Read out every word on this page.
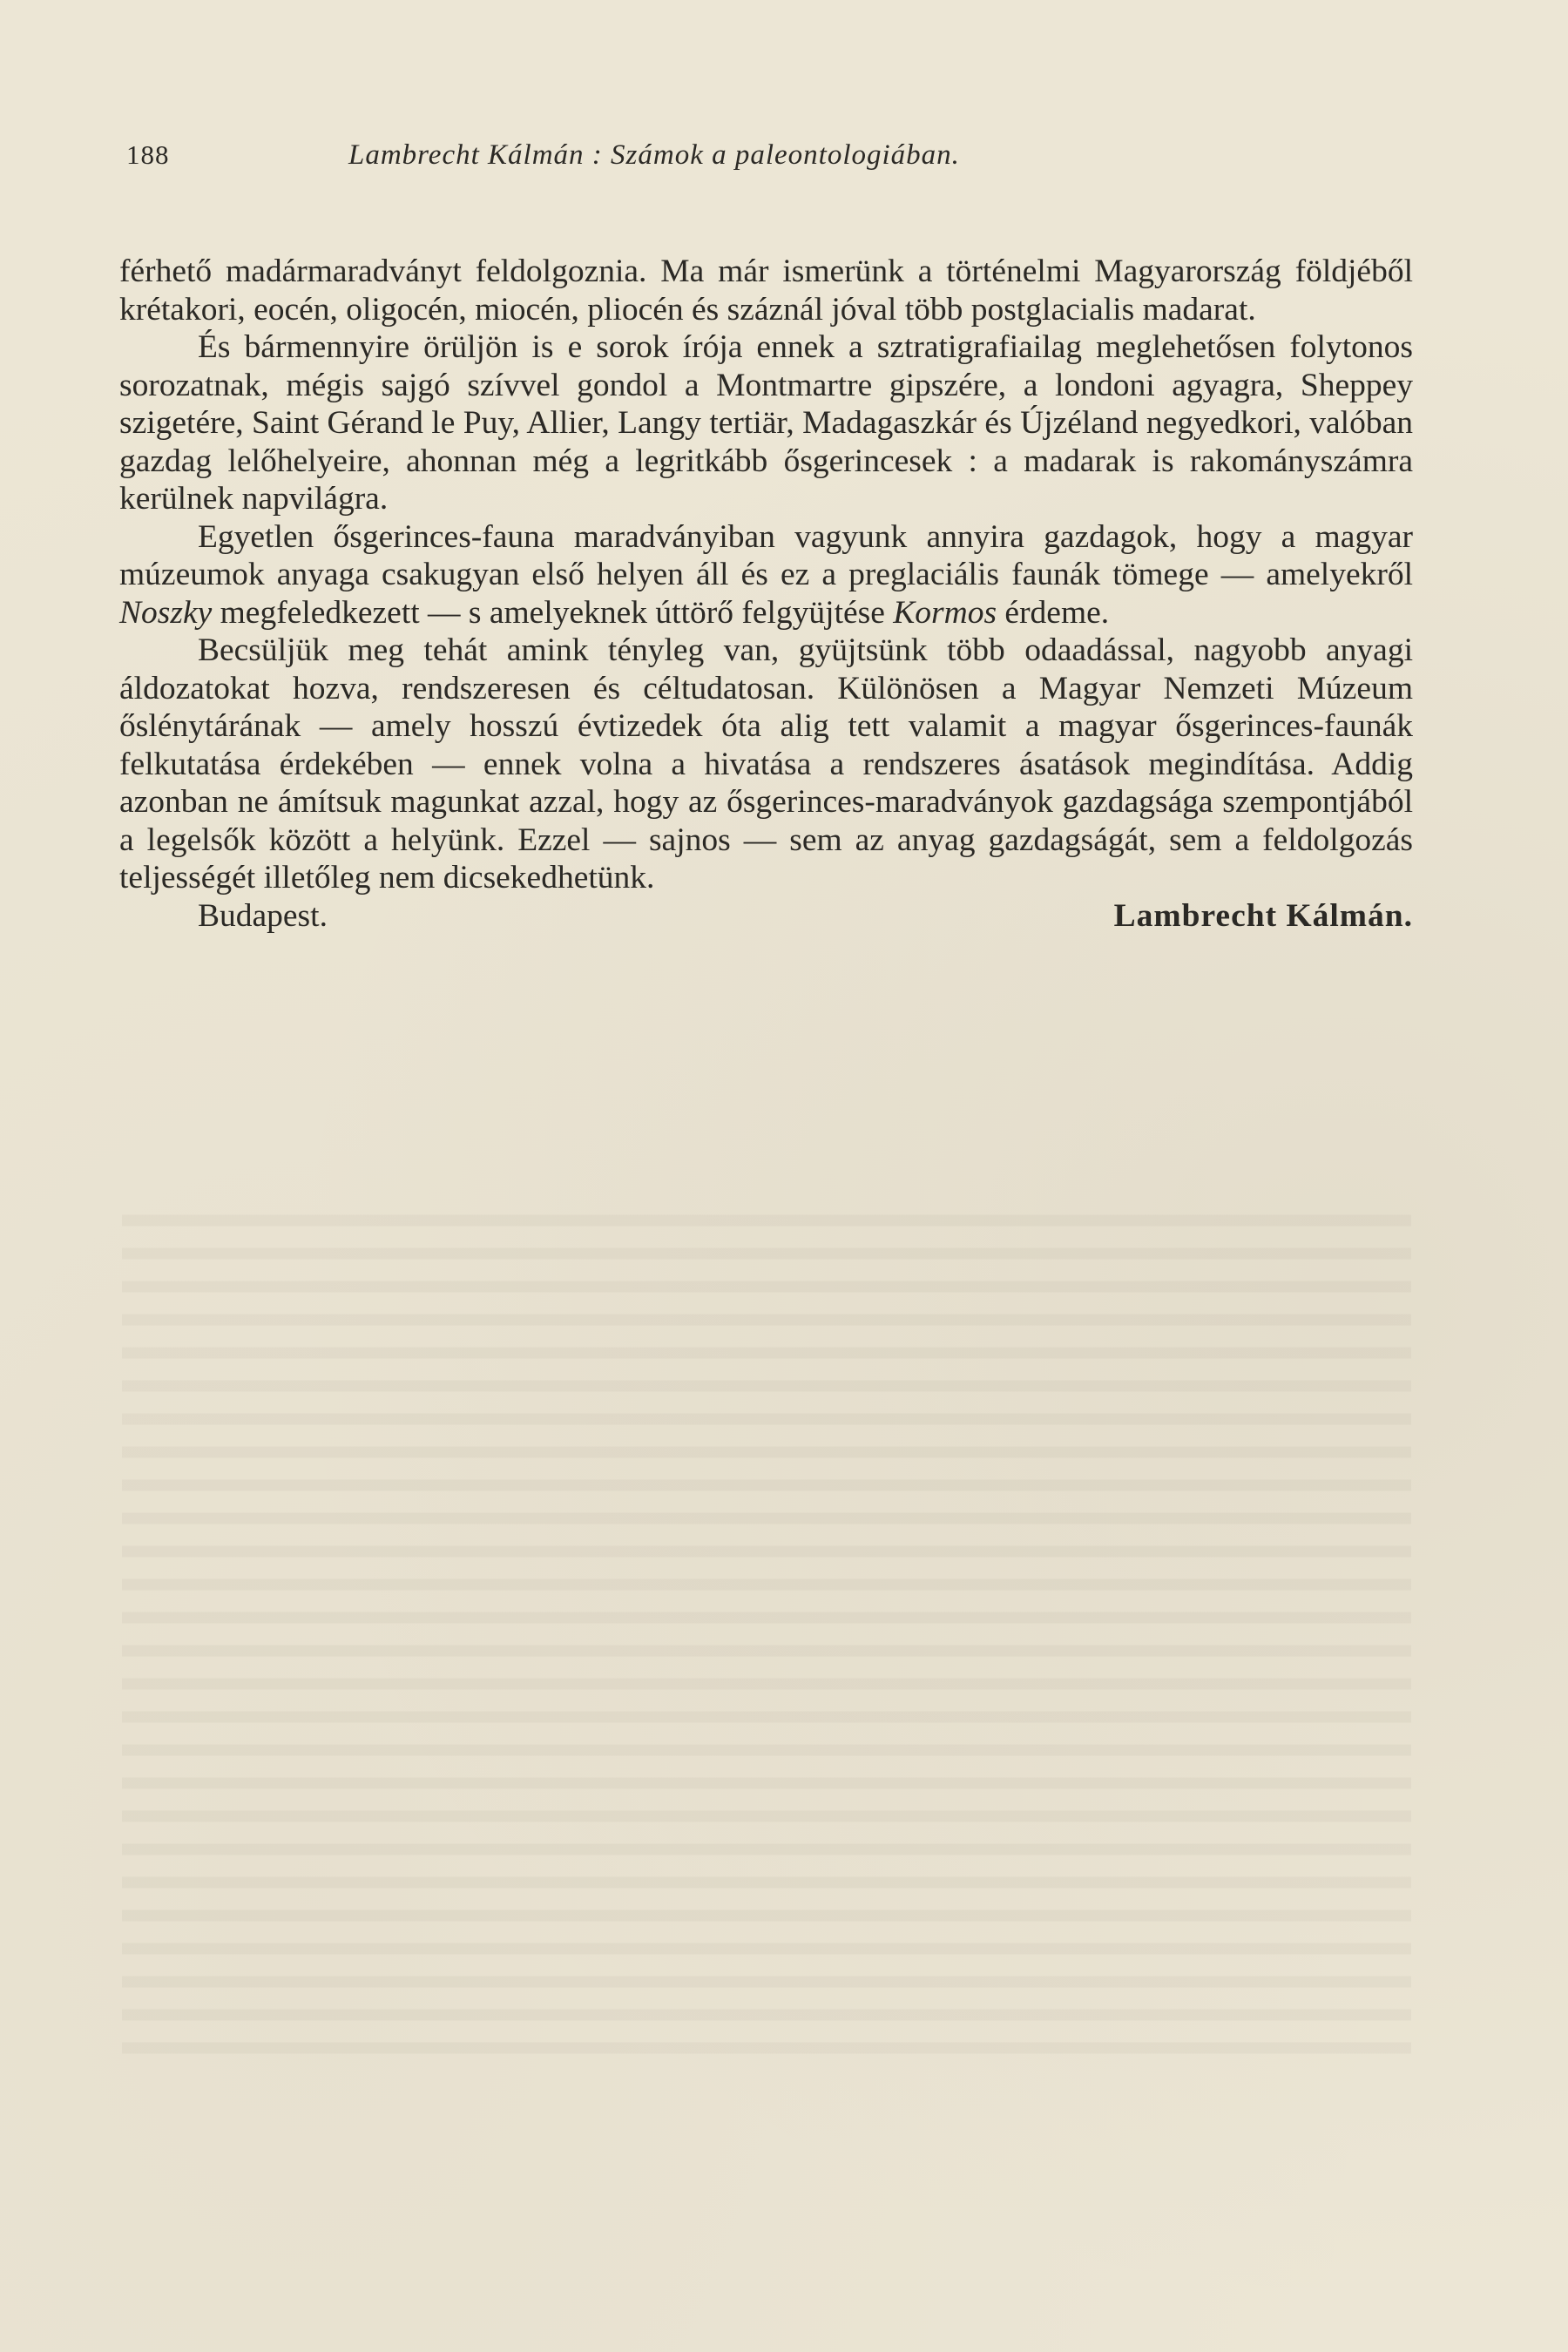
188	Lambrecht Kálmán : Számok a paleontologiában.

férhető madármaradványt feldolgoznia. Ma már ismerünk a történelmi Magyarország földjéből krétakori, eocén, oligocén, miocén, pliocén és száznál jóval több postglacialis madarat.

És bármennyire örüljön is e sorok írója ennek a sztratigrafiailag meglehetősen folytonos sorozatnak, mégis sajgó szívvel gondol a Montmartre gipszére, a londoni agyagra, Sheppey szigetére, Saint Gérand le Puy, Allier, Langy tertiär, Madagaszkár és Újzéland negyedkori, valóban gazdag lelőhelyeire, ahonnan még a legritkább ősgerincesek : a madarak is rakományszámra kerülnek napvilágra.

Egyetlen ősgerinces-fauna maradványiban vagyunk annyira gazdagok, hogy a magyar múzeumok anyaga csakugyan első helyen áll és ez a preglaciális faunák tömege — amelyekről Noszky megfeledkezett — s amelyeknek úttörő felgyüjtése Kormos érdeme.

Becsüljük meg tehát amink tényleg van, gyüjtsünk több odaadással, nagyobb anyagi áldozatokat hozva, rendszeresen és céltudatosan. Különösen a Magyar Nemzeti Múzeum őslénytárának — amely hosszú évtizedek óta alig tett valamit a magyar ősgerinces-faunák felkutatása érdekében — ennek volna a hivatása a rendszeres ásatások megindítása. Addig azonban ne ámítsuk magunkat azzal, hogy az ősgerinces-maradványok gazdagsága szempontjából a legelsők között a helyünk. Ezzel — sajnos — sem az anyag gazdagságát, sem a feldolgozás teljességét illetőleg nem dicsekedhetünk.

Budapest.	Lambrecht Kálmán.
